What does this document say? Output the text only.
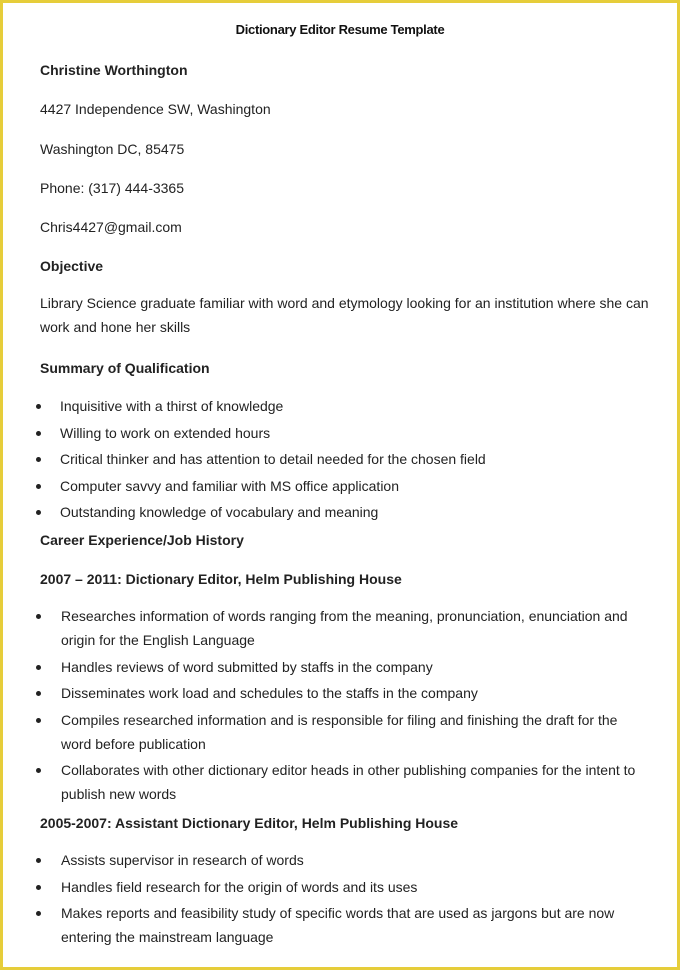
Dictionary Editor Resume Template

Christine Worthington

4427 Independence SW, Washington

Washington DC, 85475

Phone: (317) 444-3365

Chris4427@gmail.com

Objective

Library Science graduate familiar with word and etymology looking for an institution where she can work and hone her skills

Summary of Qualification

Inquisitive with a thirst of knowledge
Willing to work on extended hours
Critical thinker and has attention to detail needed for the chosen field
Computer savvy and familiar with MS office application
Outstanding knowledge of vocabulary and meaning

Career Experience/Job History

2007 – 2011: Dictionary Editor, Helm Publishing House

Researches information of words ranging from the meaning, pronunciation, enunciation and origin for the English Language
Handles reviews of word submitted by staffs in the company
Disseminates work load and schedules to the staffs in the company
Compiles researched information and is responsible for filing and finishing the draft for the word before publication
Collaborates with other dictionary editor heads in other publishing companies for the intent to publish new words

2005-2007: Assistant Dictionary Editor, Helm Publishing House

Assists supervisor in research of words
Handles field research for the origin of words and its uses
Makes reports and feasibility study of specific words that are used as jargons but are now entering the mainstream language
